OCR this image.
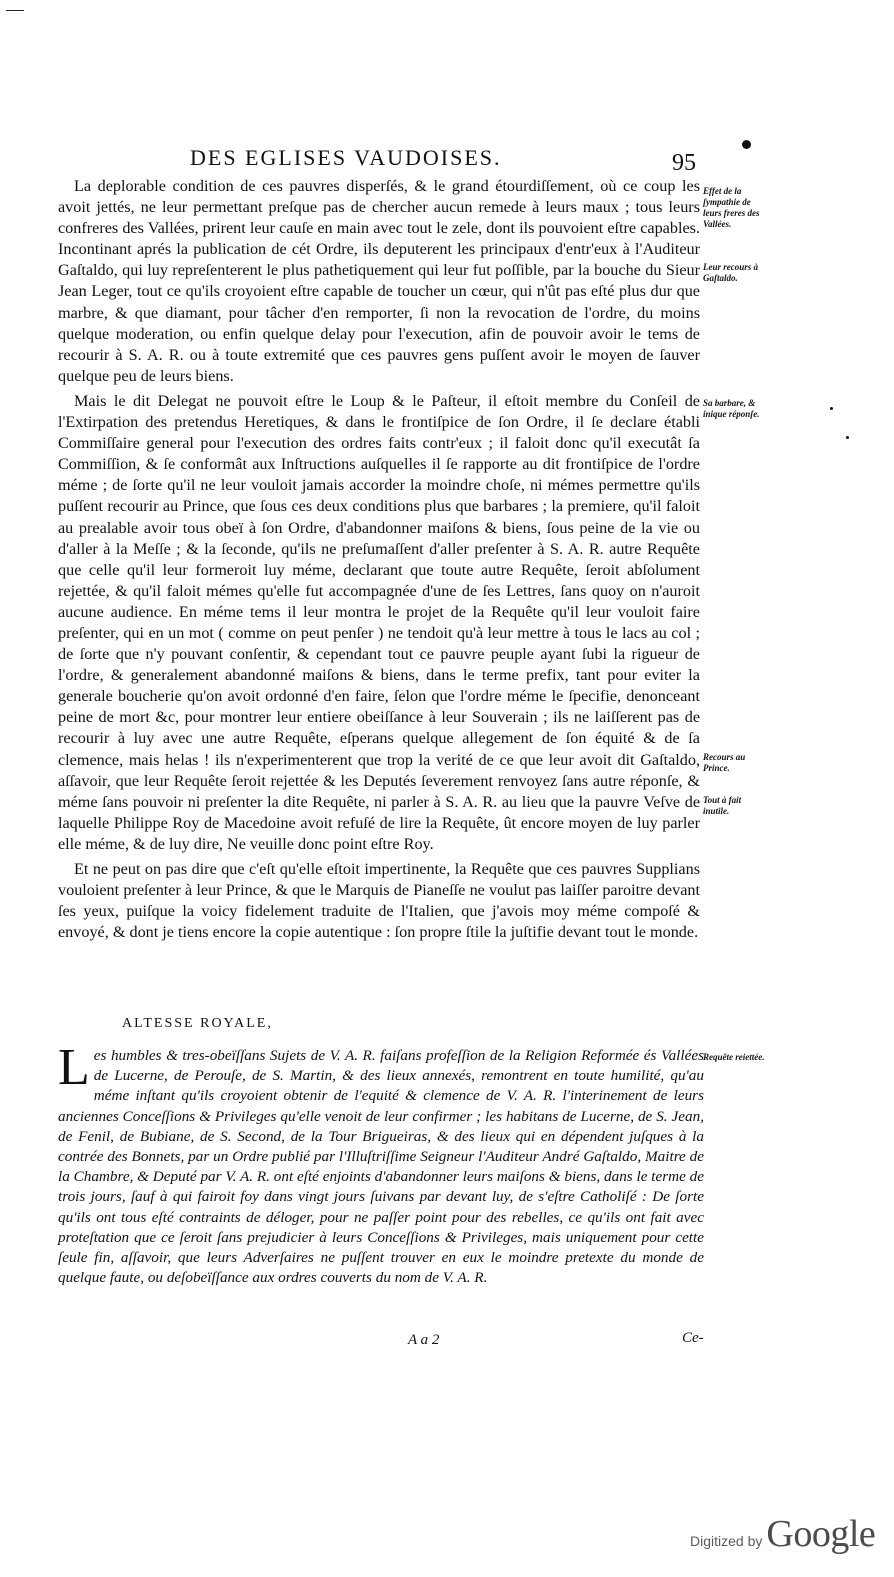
DES EGLISES VAUDOISES.	95

La deplorable condition de ces pauvres disperſés, & le grand étourdiſſement, où ce coup les avoit jettés, ne leur permettant preſque pas de chercher aucun remede à leurs maux ; tous leurs confreres des Vallées, prirent leur cauſe en main avec tout le zele, dont ils pouvoient eſtre capables. Incontinant aprés la publication de cét Ordre, ils deputerent les principaux d'entr'eux à l'Auditeur Gaſtaldo, qui luy repreſenterent le plus pathetiquement qui leur fut poſſible, par la bouche du Sieur Jean Leger, tout ce qu'ils croyoient eſtre capable de toucher un cœur, qui n'ût pas eſté plus dur que marbre, & que diamant, pour tâcher d'en remporter, ſi non la revocation de l'ordre, du moins quelque moderation, ou enfin quelque delay pour l'execution, afin de pouvoir avoir le tems de recourir à S. A. R. ou à toute extremité que ces pauvres gens puſſent avoir le moyen de ſauver quelque peu de leurs biens.

Mais le dit Delegat ne pouvoit eſtre le Loup & le Paſteur, il eſtoit membre du Conſeil de l'Extirpation des pretendus Heretiques, & dans le frontiſpice de ſon Ordre, il ſe declare établi Commiſſaire general pour l'execution des ordres faits contr'eux ; il faloit donc qu'il executât ſa Commiſſion, & ſe conformât aux Inſtructions auſquelles il ſe rapporte au dit frontiſpice de l'ordre méme ; de ſorte qu'il ne leur vouloit jamais accorder la moindre choſe, ni mémes permettre qu'ils puſſent recourir au Prince, que ſous ces deux conditions plus que barbares ; la premiere, qu'il faloit au prealable avoir tous obeï à ſon Ordre, d'abandonner maiſons & biens, ſous peine de la vie ou d'aller à la Meſſe ; & la ſeconde, qu'ils ne preſumaſſent d'aller preſenter à S. A. R. autre Requête que celle qu'il leur formeroit luy méme, declarant que toute autre Requête, ſeroit abſolument rejettée, & qu'il faloit mémes qu'elle fut accompagnée d'une de ſes Lettres, ſans quoy on n'auroit aucune audience. En méme tems il leur montra le projet de la Requête qu'il leur vouloit faire preſenter, qui en un mot ( comme on peut penſer ) ne tendoit qu'à leur mettre à tous le lacs au col ; de ſorte que n'y pouvant conſentir, & cependant tout ce pauvre peuple ayant ſubi la rigueur de l'ordre, & generalement abandonné maiſons & biens, dans le terme prefix, tant pour eviter la generale boucherie qu'on avoit ordonné d'en faire, ſelon que l'ordre méme le ſpecifie, denonceant peine de mort &c, pour montrer leur entiere obeiſſance à leur Souverain ; ils ne laiſſerent pas de recourir à luy avec une autre Requête, eſperans quelque allegement de ſon équité & de ſa clemence, mais helas ! ils n'experimenterent que trop la verité de ce que leur avoit dit Gaſtaldo, aſſavoir, que leur Requête ſeroit rejettée & les Deputés ſeverement renvoyez ſans autre réponſe, & méme ſans pouvoir ni preſenter la dite Requête, ni parler à S. A. R. au lieu que la pauvre Veſve de laquelle Philippe Roy de Macedoine avoit refuſé de lire la Requête, ût encore moyen de luy parler elle méme, & de luy dire, Ne veuille donc point eſtre Roy.

Et ne peut on pas dire que c'eſt qu'elle eſtoit impertinente, la Requête que ces pauvres Supplians vouloient preſenter à leur Prince, & que le Marquis de Pianeſſe ne voulut pas laiſſer paroitre devant ſes yeux, puiſque la voicy fidelement traduite de l'Italien, que j'avois moy méme compoſé & envoyé, & dont je tiens encore la copie autentique : ſon propre ſtile la juſtifie devant tout le monde.

Effet de la ſympathie de leurs freres des Vallées.
Leur recours à Gaſtaldo.
Sa barbare, & inique réponſe.
Recours au Prince.
Tout à fait inutile.
Requête reiettée.
ALTESSE ROYALE,

Les humbles & tres-obeïſſans Sujets de V. A. R. faiſans profeſſion de la Religion Reformée és Vallées de Lucerne, de Perouſe, de S. Martin, & des lieux annexés, remontrent en toute humilité, qu'au méme inſtant qu'ils croyoient obtenir de l'equité & clemence de V. A. R. l'interinement de leurs anciennes Conceſſions & Privileges qu'elle venoit de leur confirmer ; les habitans de Lucerne, de S. Jean, de Fenil, de Bubiane, de S. Second, de la Tour Brigueiras, & des lieux qui en dépendent juſques à la contrée des Bonnets, par un Ordre publié par l'Illuſtriſſime Seigneur l'Auditeur André Gaſtaldo, Maitre de la Chambre, & Deputé par V. A. R. ont eſté enjoints d'abandonner leurs maiſons & biens, dans le terme de trois jours, ſauf à qui fairoit foy dans vingt jours ſuivans par devant luy, de s'eſtre Catholiſé : De ſorte qu'ils ont tous eſté contraints de déloger, pour ne paſſer point pour des rebelles, ce qu'ils ont fait avec proteſtation que ce ſeroit ſans prejudicier à leurs Conceſſions & Privileges, mais uniquement pour cette ſeule fin, aſſavoir, que leurs Adverſaires ne puſſent trouver en eux le moindre pretexte du monde de quelque faute, ou deſobeïſſance aux ordres couverts du nom de V. A. R.

A a 2	Ce-
Digitized by Google
